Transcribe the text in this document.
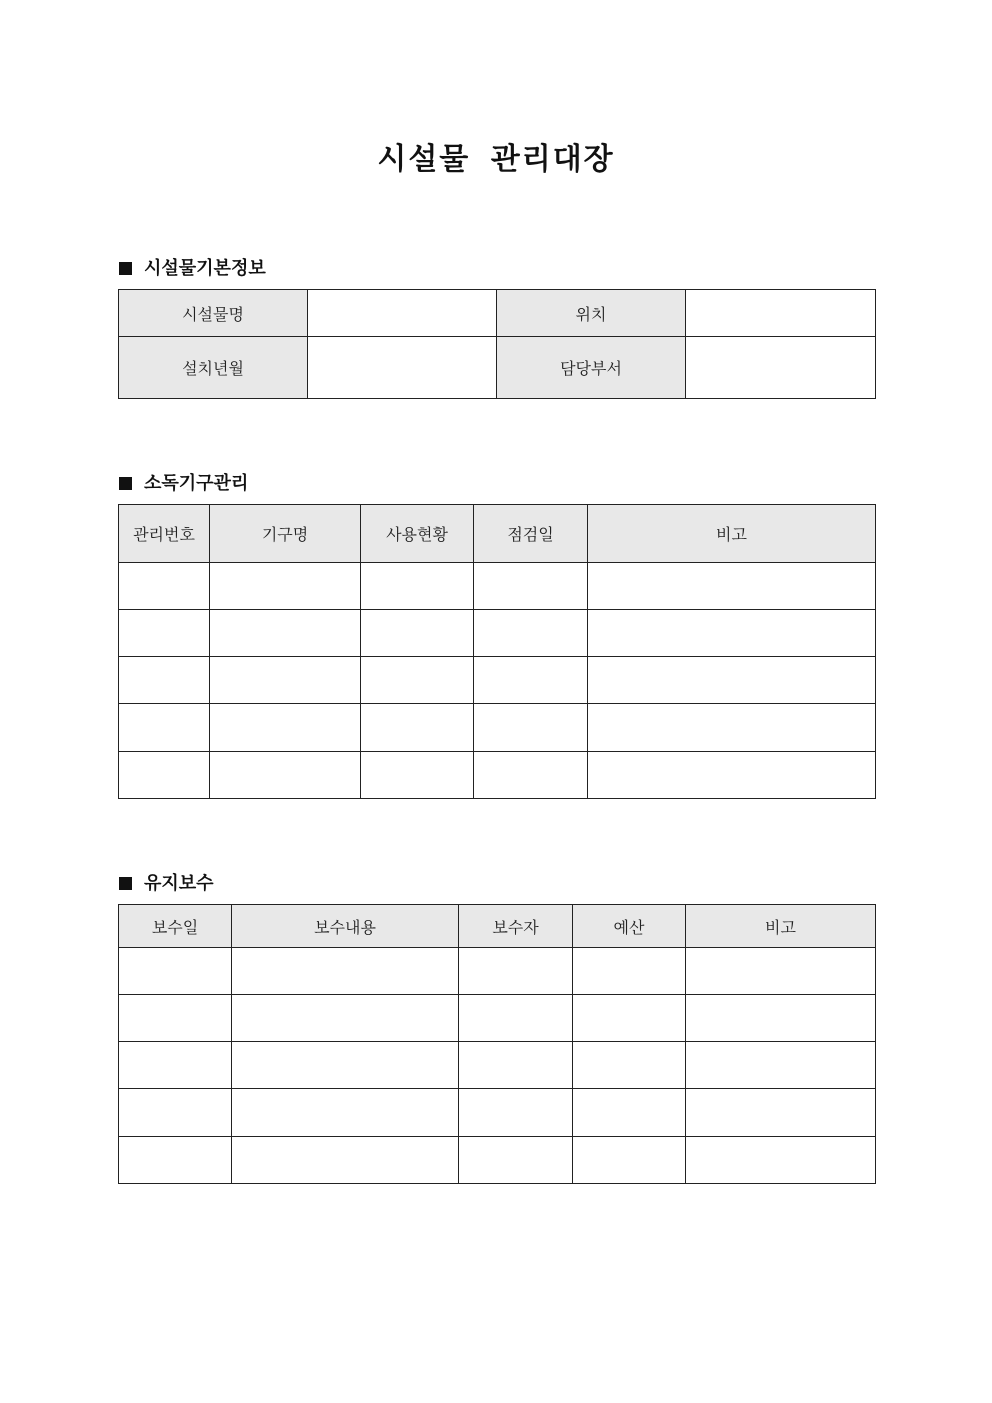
시설물 관리대장
시설물기본정보
시설물명		위치	
설치년월		담당부서	
소독기구관리
관리번호	기구명	사용현황	점검일	비고

유지보수
보수일	보수내용	보수자	예산	비고
